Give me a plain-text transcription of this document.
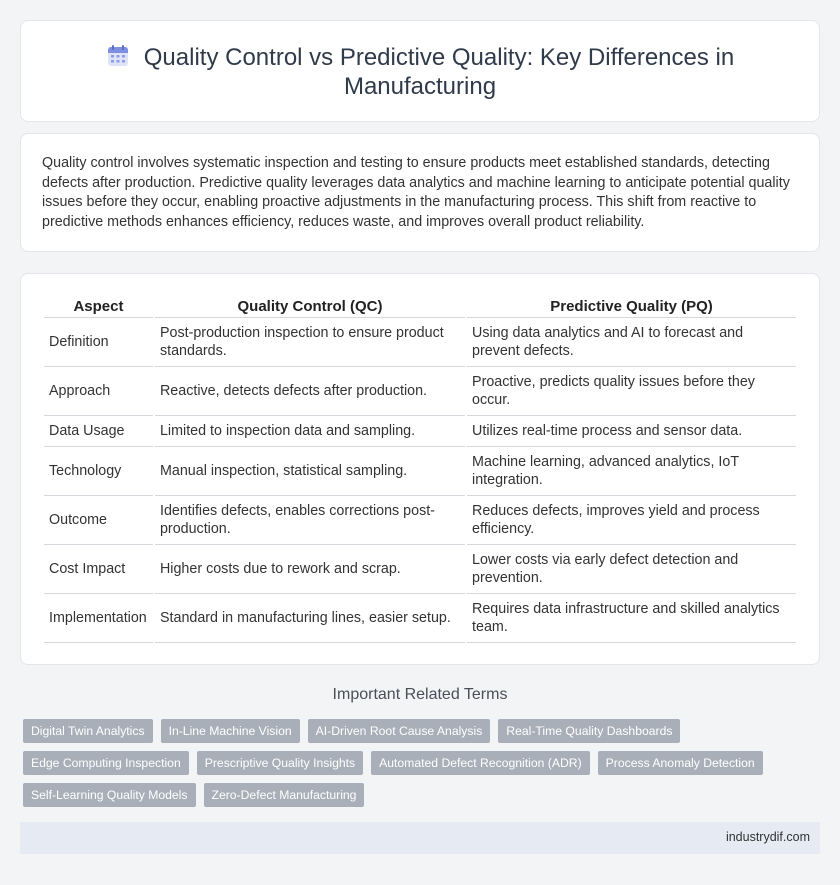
Quality Control vs Predictive Quality: Key Differences in Manufacturing

Quality control involves systematic inspection and testing to ensure products meet established standards, detecting defects after production. Predictive quality leverages data analytics and machine learning to anticipate potential quality issues before they occur, enabling proactive adjustments in the manufacturing process. This shift from reactive to predictive methods enhances efficiency, reduces waste, and improves overall product reliability.

Aspect	Quality Control (QC)	Predictive Quality (PQ)
Definition	Post-production inspection to ensure product standards.	Using data analytics and AI to forecast and prevent defects.
Approach	Reactive, detects defects after production.	Proactive, predicts quality issues before they occur.
Data Usage	Limited to inspection data and sampling.	Utilizes real-time process and sensor data.
Technology	Manual inspection, statistical sampling.	Machine learning, advanced analytics, IoT integration.
Outcome	Identifies defects, enables corrections post-production.	Reduces defects, improves yield and process efficiency.
Cost Impact	Higher costs due to rework and scrap.	Lower costs via early defect detection and prevention.
Implementation	Standard in manufacturing lines, easier setup.	Requires data infrastructure and skilled analytics team.
Important Related Terms
Digital Twin Analytics	In-Line Machine Vision	AI-Driven Root Cause Analysis	Real-Time Quality Dashboards
Edge Computing Inspection	Prescriptive Quality Insights	Automated Defect Recognition (ADR)	Process Anomaly Detection
Self-Learning Quality Models	Zero-Defect Manufacturing
industrydif.com
